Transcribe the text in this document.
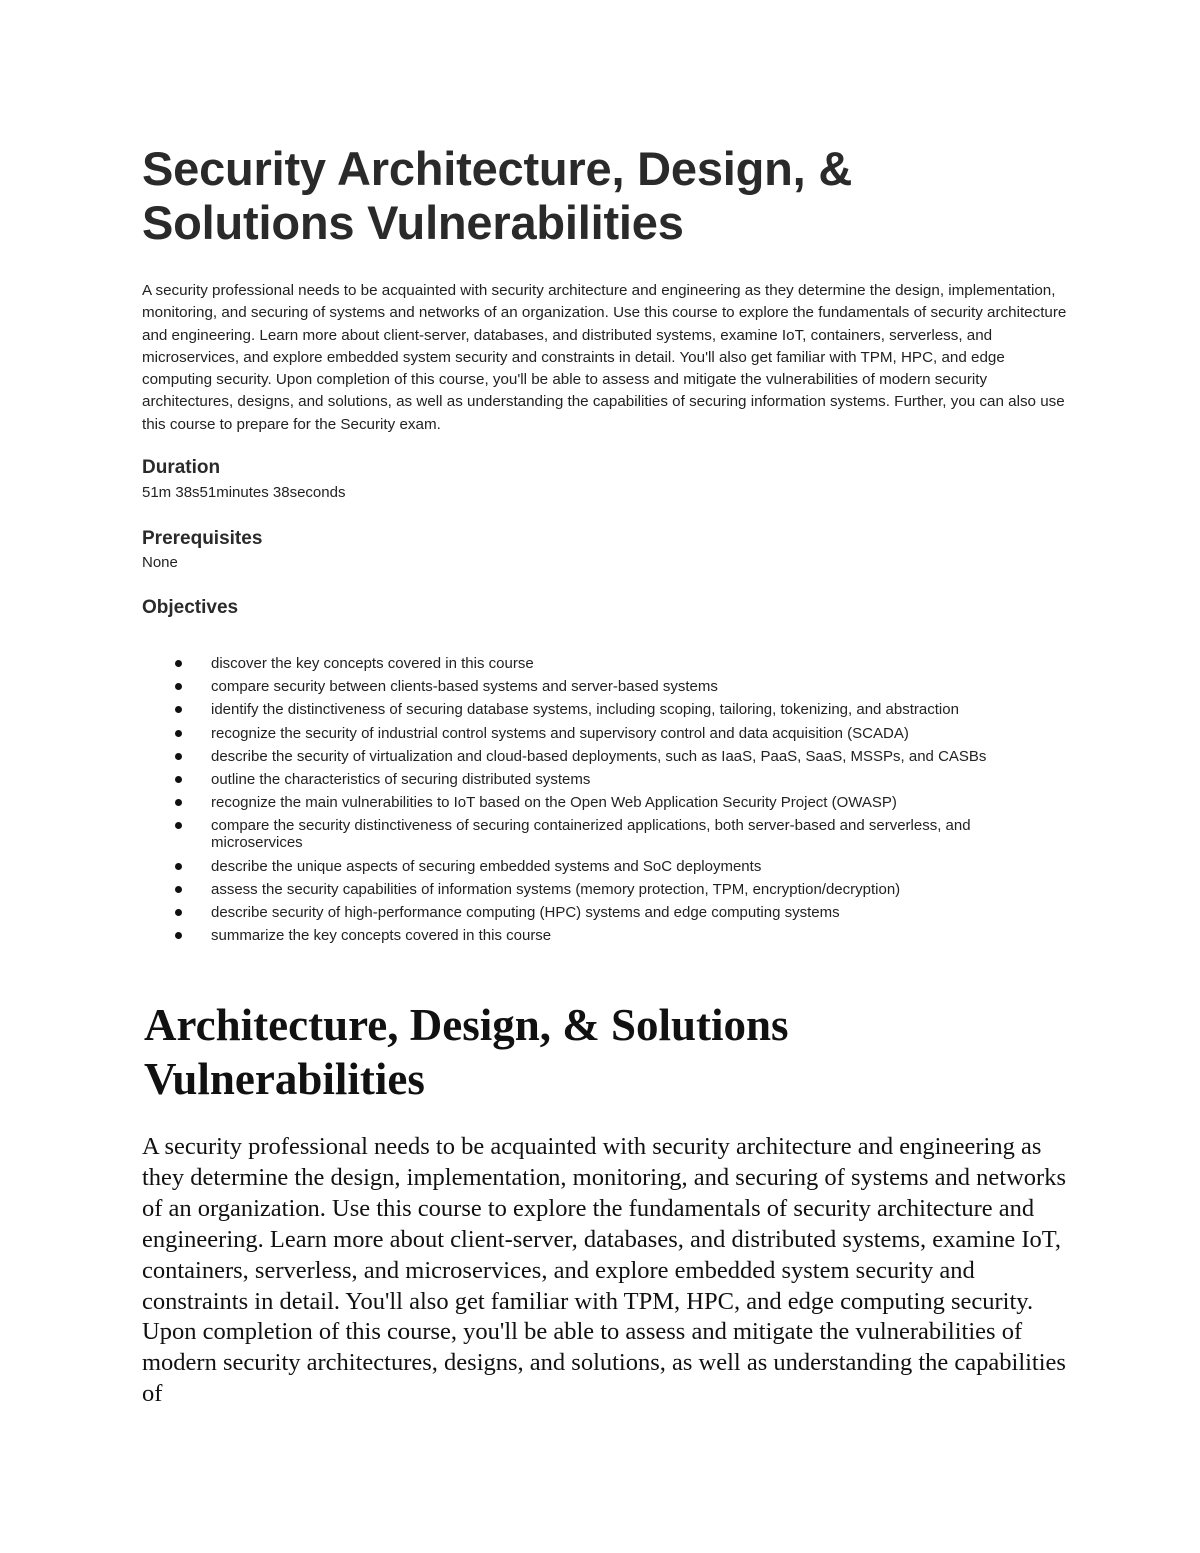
Security Architecture, Design, & Solutions Vulnerabilities

A security professional needs to be acquainted with security architecture and engineering as they determine the design, implementation, monitoring, and securing of systems and networks of an organization. Use this course to explore the fundamentals of security architecture and engineering. Learn more about client-server, databases, and distributed systems, examine IoT, containers, serverless, and microservices, and explore embedded system security and constraints in detail. You'll also get familiar with TPM, HPC, and edge computing security. Upon completion of this course, you'll be able to assess and mitigate the vulnerabilities of modern security architectures, designs, and solutions, as well as understanding the capabilities of securing information systems. Further, you can also use this course to prepare for the Security exam.

Duration

51m 38s51minutes 38seconds

Prerequisites

None

Objectives
discover the key concepts covered in this course
compare security between clients-based systems and server-based systems
identify the distinctiveness of securing database systems, including scoping, tailoring, tokenizing, and abstraction
recognize the security of industrial control systems and supervisory control and data acquisition (SCADA)
describe the security of virtualization and cloud-based deployments, such as IaaS, PaaS, SaaS, MSSPs, and CASBs
outline the characteristics of securing distributed systems
recognize the main vulnerabilities to IoT based on the Open Web Application Security Project (OWASP)
compare the security distinctiveness of securing containerized applications, both server-based and serverless, and microservices
describe the unique aspects of securing embedded systems and SoC deployments
assess the security capabilities of information systems (memory protection, TPM, encryption/decryption)
describe security of high-performance computing (HPC) systems and edge computing systems
summarize the key concepts covered in this course
Architecture, Design, & Solutions Vulnerabilities

A security professional needs to be acquainted with security architecture and engineering as they determine the design, implementation, monitoring, and securing of systems and networks of an organization. Use this course to explore the fundamentals of security architecture and engineering. Learn more about client-server, databases, and distributed systems, examine IoT, containers, serverless, and microservices, and explore embedded system security and constraints in detail. You'll also get familiar with TPM, HPC, and edge computing security. Upon completion of this course, you'll be able to assess and mitigate the vulnerabilities of modern security architectures, designs, and solutions, as well as understanding the capabilities of
